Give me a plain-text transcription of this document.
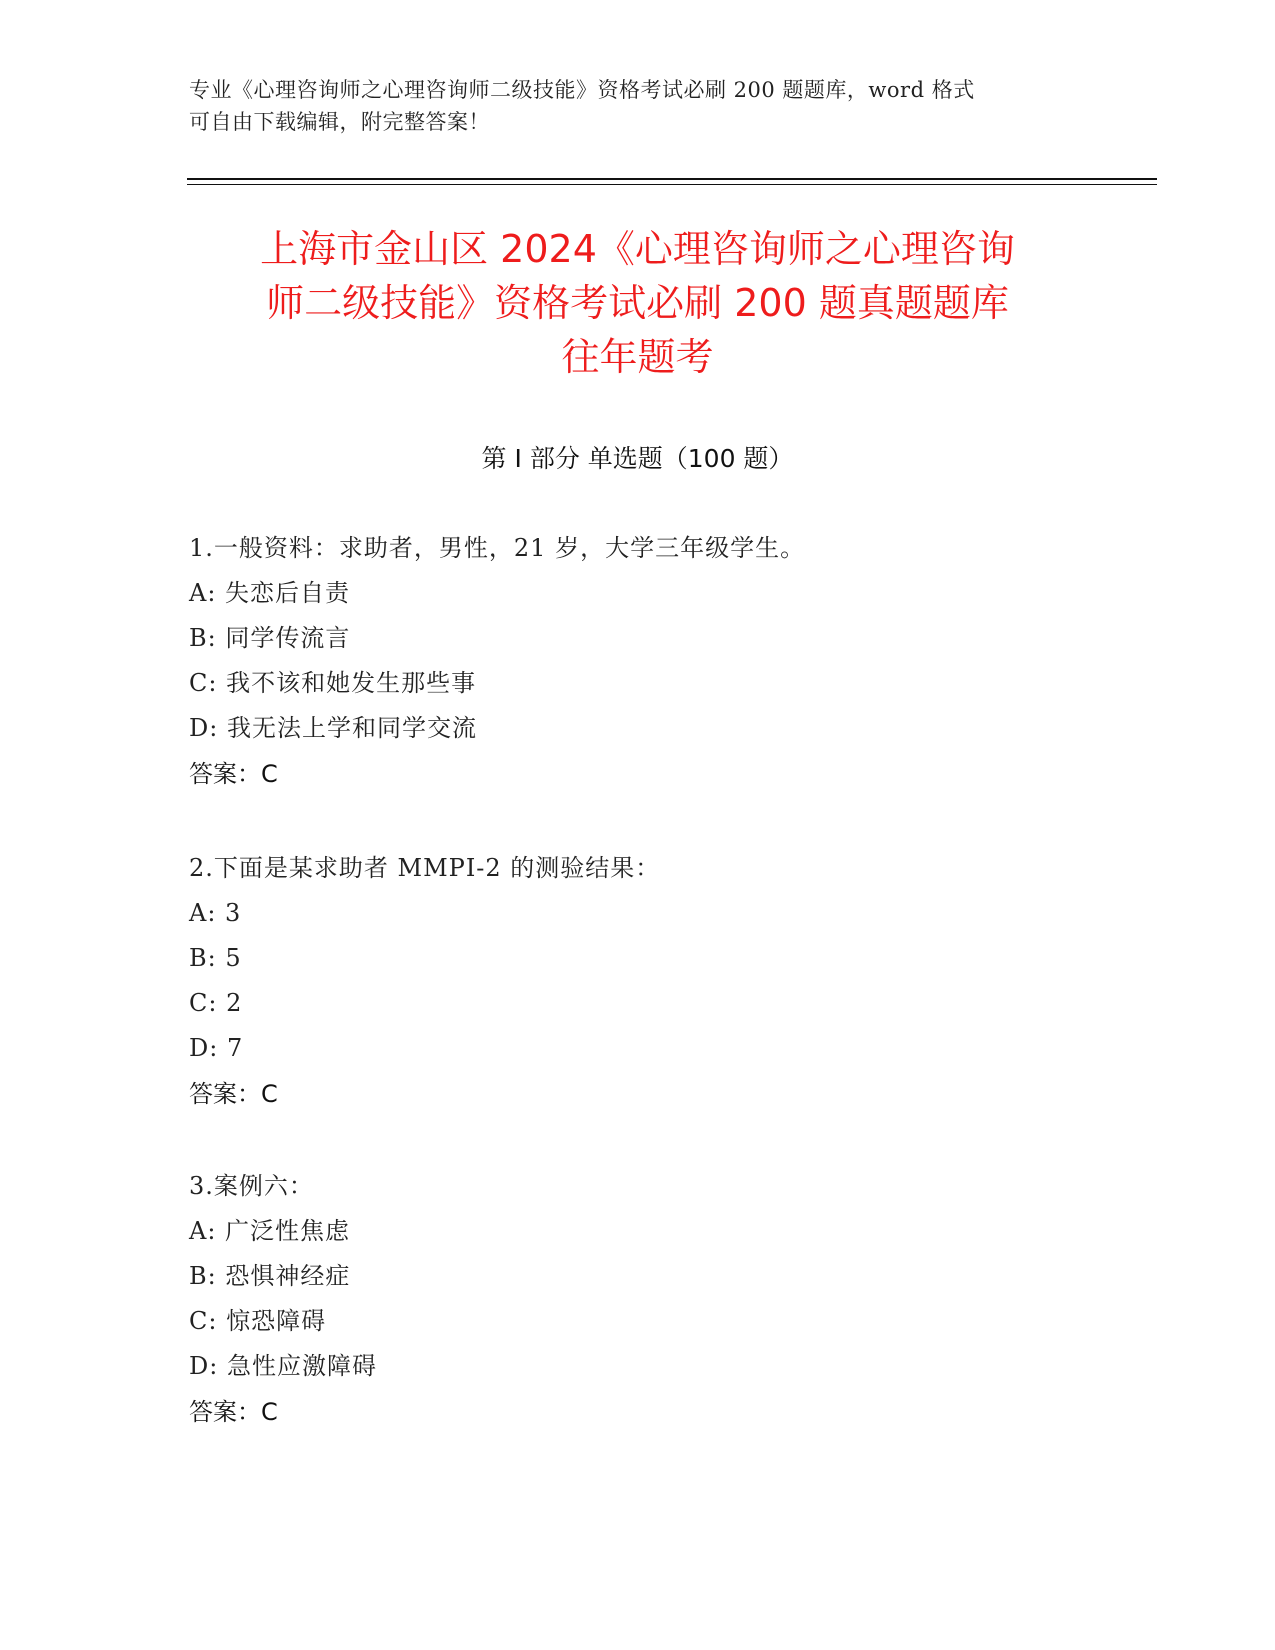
专业《心理咨询师之心理咨询师二级技能》资格考试必刷 200 题题库，word 格式
可自由下载编辑，附完整答案！
上海市金山区 2024《心理咨询师之心理咨询
师二级技能》资格考试必刷 200 题真题题库
往年题考
第 I 部分 单选题（100 题）
1.一般资料：求助者，男性，21 岁，大学三年级学生。
A: 失恋后自责
B: 同学传流言
C: 我不该和她发生那些事
D: 我无法上学和同学交流
答案：C
2.下面是某求助者 MMPI-2 的测验结果：
A: 3
B: 5
C: 2
D: 7
答案：C
3.案例六：
A: 广泛性焦虑
B: 恐惧神经症
C: 惊恐障碍
D: 急性应激障碍
答案：C
